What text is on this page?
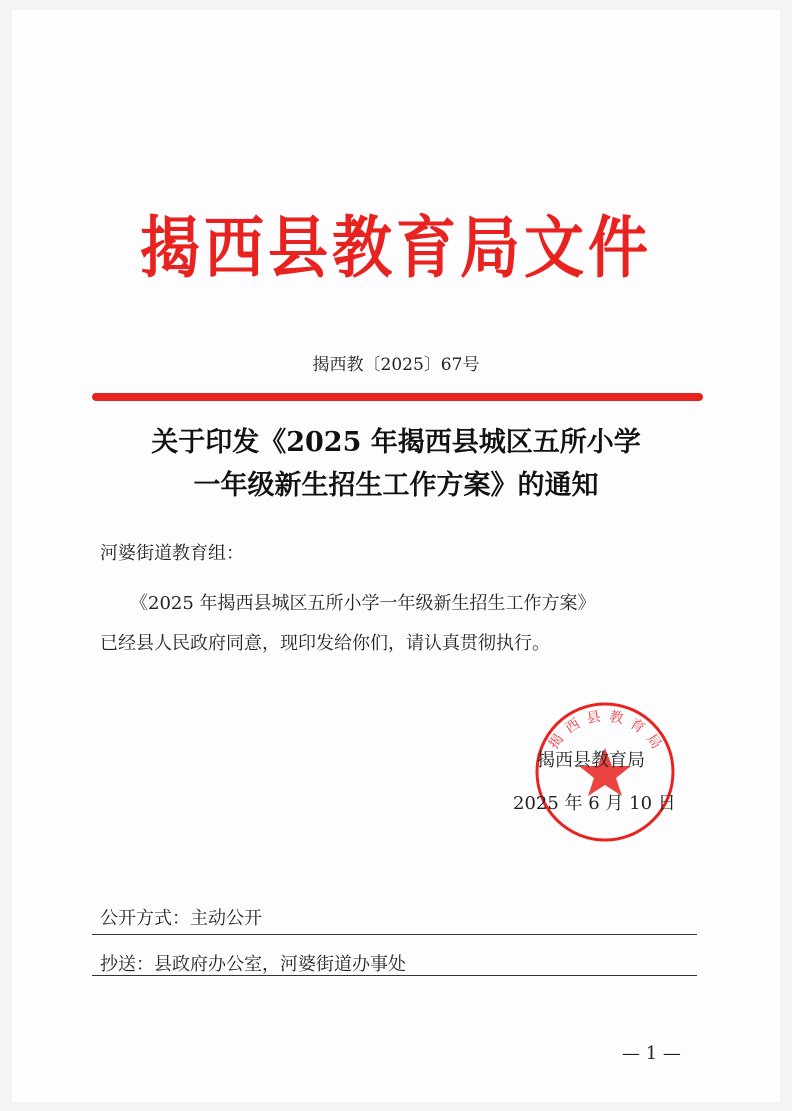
揭西县教育局文件
揭西教〔2025〕67号
关于印发《2025 年揭西县城区五所小学
一年级新生招生工作方案》的通知
河婆街道教育组：
《2025 年揭西县城区五所小学一年级新生招生工作方案》
已经县人民政府同意，现印发给你们，请认真贯彻执行。
揭
西 县 教 育
局
揭西县教育局
2025 年 6 月 10 日
公开方式：主动公开
抄送：县政府办公室，河婆街道办事处
— 1 —
